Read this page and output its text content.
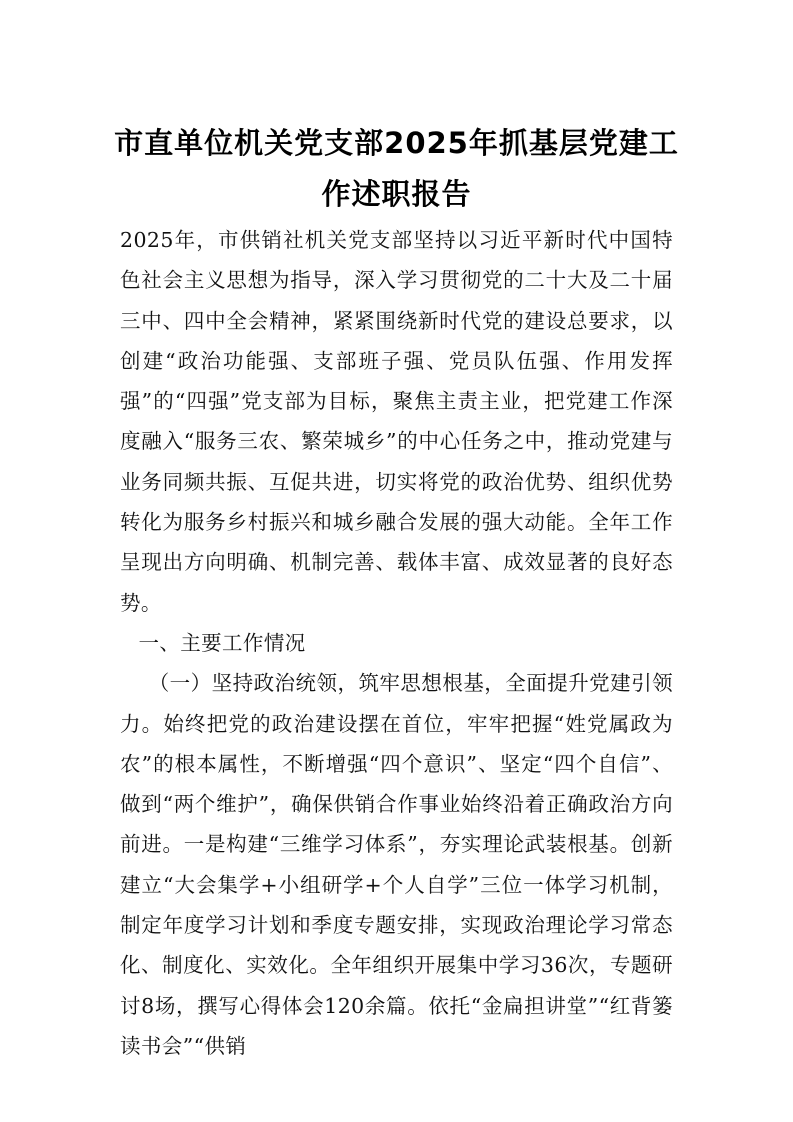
市直单位机关党支部2025年抓基层党建工作述职报告

2025年，市供销社机关党支部坚持以习近平新时代中国特色社会主义思想为指导，深入学习贯彻党的二十大及二十届三中、四中全会精神，紧紧围绕新时代党的建设总要求，以创建“政治功能强、支部班子强、党员队伍强、作用发挥强”的“四强”党支部为目标，聚焦主责主业，把党建工作深度融入“服务三农、繁荣城乡”的中心任务之中，推动党建与业务同频共振、互促共进，切实将党的政治优势、组织优势转化为服务乡村振兴和城乡融合发展的强大动能。全年工作呈现出方向明确、机制完善、载体丰富、成效显著的良好态势。

一、主要工作情况

（一）坚持政治统领，筑牢思想根基，全面提升党建引领力。始终把党的政治建设摆在首位，牢牢把握“姓党属政为农”的根本属性，不断增强“四个意识”、坚定“四个自信”、做到“两个维护”，确保供销合作事业始终沿着正确政治方向前进。一是构建“三维学习体系”，夯实理论武装根基。创新建立“大会集学+小组研学+个人自学”三位一体学习机制，制定年度学习计划和季度专题安排，实现政治理论学习常态化、制度化、实效化。全年组织开展集中学习36次，专题研讨8场，撰写心得体会120余篇。依托“金扁担讲堂”“红背篓读书会”“供销
